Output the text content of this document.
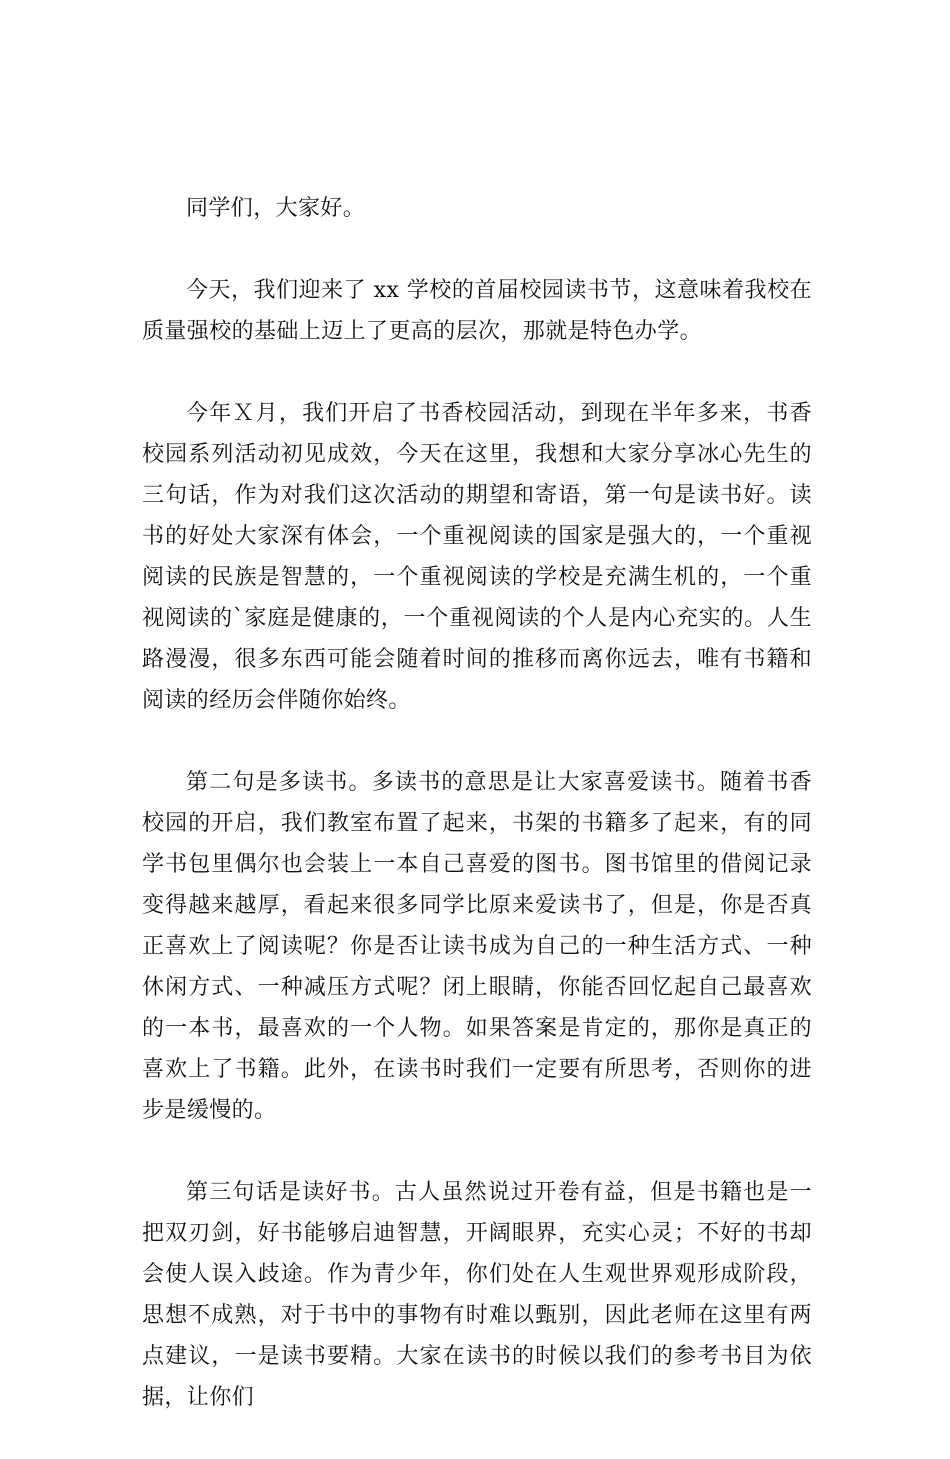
同学们，大家好。

今天，我们迎来了 xx 学校的首届校园读书节，这意味着我校在质量强校的基础上迈上了更高的层次，那就是特色办学。

今年Ｘ月，我们开启了书香校园活动，到现在半年多来，书香校园系列活动初见成效，今天在这里，我想和大家分享冰心先生的三句话，作为对我们这次活动的期望和寄语，第一句是读书好。读书的好处大家深有体会，一个重视阅读的国家是强大的，一个重视阅读的民族是智慧的，一个重视阅读的学校是充满生机的，一个重视阅读的`家庭是健康的，一个重视阅读的个人是内心充实的。人生路漫漫，很多东西可能会随着时间的推移而离你远去，唯有书籍和阅读的经历会伴随你始终。

第二句是多读书。多读书的意思是让大家喜爱读书。随着书香校园的开启，我们教室布置了起来，书架的书籍多了起来，有的同学书包里偶尔也会装上一本自己喜爱的图书。图书馆里的借阅记录变得越来越厚，看起来很多同学比原来爱读书了，但是，你是否真正喜欢上了阅读呢？你是否让读书成为自己的一种生活方式、一种休闲方式、一种减压方式呢？闭上眼睛，你能否回忆起自己最喜欢的一本书，最喜欢的一个人物。如果答案是肯定的，那你是真正的喜欢上了书籍。此外，在读书时我们一定要有所思考，否则你的进步是缓慢的。

第三句话是读好书。古人虽然说过开卷有益，但是书籍也是一把双刃剑，好书能够启迪智慧，开阔眼界，充实心灵；不好的书却会使人误入歧途。作为青少年，你们处在人生观世界观形成阶段，思想不成熟，对于书中的事物有时难以甄别，因此老师在这里有两点建议，一是读书要精。大家在读书的时候以我们的参考书目为依据，让你们
